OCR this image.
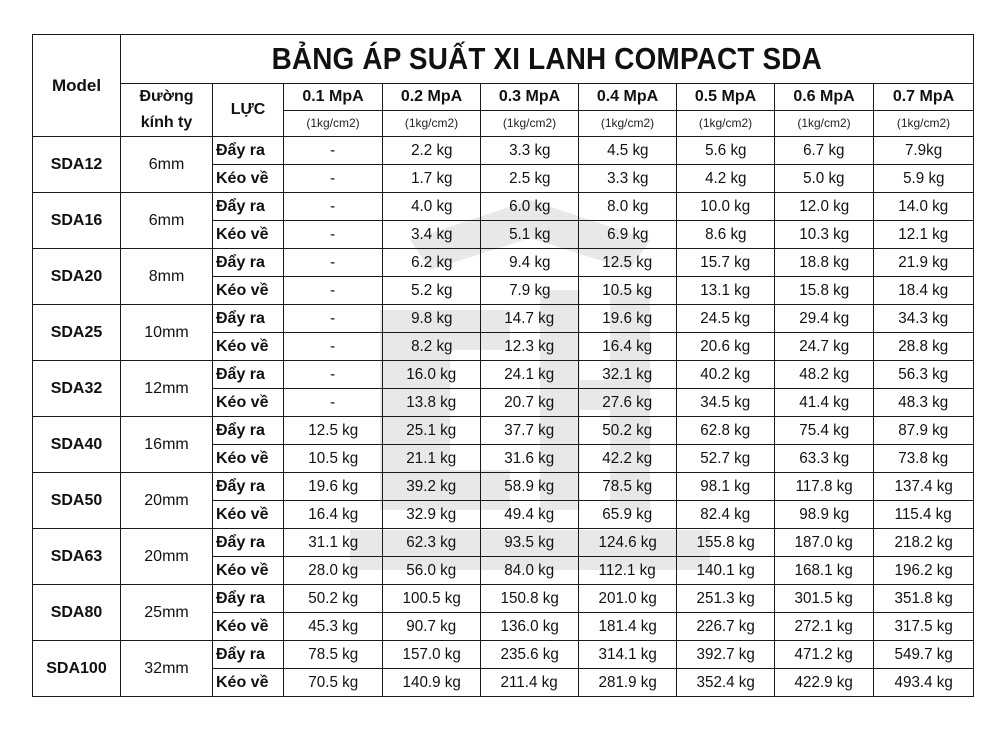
Model	BẢNG ÁP SUẤT XI LANH COMPACT SDA								
	Đường
kính ty	LỰC	0.1 MpA	0.2 MpA	0.3 MpA	0.4 MpA	0.5 MpA	0.6 MpA	0.7 MpA
			(1kg/cm2)	(1kg/cm2)	(1kg/cm2)	(1kg/cm2)	(1kg/cm2)	(1kg/cm2)	(1kg/cm2)
SDA12	6mm	Đẩy ra	-	2.2 kg	3.3 kg	4.5 kg	5.6 kg	6.7 kg	7.9kg
		Kéo về	-	1.7 kg	2.5 kg	3.3 kg	4.2 kg	5.0 kg	5.9 kg
SDA16	6mm	Đẩy ra	-	4.0 kg	6.0 kg	8.0 kg	10.0 kg	12.0 kg	14.0 kg
		Kéo về	-	3.4 kg	5.1 kg	6.9 kg	8.6 kg	10.3 kg	12.1 kg
SDA20	8mm	Đẩy ra	-	6.2 kg	9.4 kg	12.5 kg	15.7 kg	18.8 kg	21.9 kg
		Kéo về	-	5.2 kg	7.9 kg	10.5 kg	13.1 kg	15.8 kg	18.4 kg
SDA25	10mm	Đẩy ra	-	9.8 kg	14.7 kg	19.6 kg	24.5 kg	29.4 kg	34.3 kg
		Kéo về	-	8.2 kg	12.3 kg	16.4 kg	20.6 kg	24.7 kg	28.8 kg
SDA32	12mm	Đẩy ra	-	16.0 kg	24.1 kg	32.1 kg	40.2 kg	48.2 kg	56.3 kg
		Kéo về	-	13.8 kg	20.7 kg	27.6 kg	34.5 kg	41.4 kg	48.3 kg
SDA40	16mm	Đẩy ra	12.5 kg	25.1 kg	37.7 kg	50.2 kg	62.8 kg	75.4 kg	87.9 kg
		Kéo về	10.5 kg	21.1 kg	31.6 kg	42.2 kg	52.7 kg	63.3 kg	73.8 kg
SDA50	20mm	Đẩy ra	19.6 kg	39.2 kg	58.9 kg	78.5 kg	98.1 kg	117.8 kg	137.4 kg
		Kéo về	16.4 kg	32.9 kg	49.4 kg	65.9 kg	82.4 kg	98.9 kg	115.4 kg
SDA63	20mm	Đẩy ra	31.1 kg	62.3 kg	93.5 kg	124.6 kg	155.8 kg	187.0 kg	218.2 kg
		Kéo về	28.0 kg	56.0 kg	84.0 kg	112.1 kg	140.1 kg	168.1 kg	196.2 kg
SDA80	25mm	Đẩy ra	50.2 kg	100.5 kg	150.8 kg	201.0 kg	251.3 kg	301.5 kg	351.8 kg
		Kéo về	45.3 kg	90.7 kg	136.0 kg	181.4 kg	226.7 kg	272.1 kg	317.5 kg
SDA100	32mm	Đẩy ra	78.5 kg	157.0 kg	235.6 kg	314.1 kg	392.7 kg	471.2 kg	549.7 kg
		Kéo về	70.5 kg	140.9 kg	211.4 kg	281.9 kg	352.4 kg	422.9 kg	493.4 kg
